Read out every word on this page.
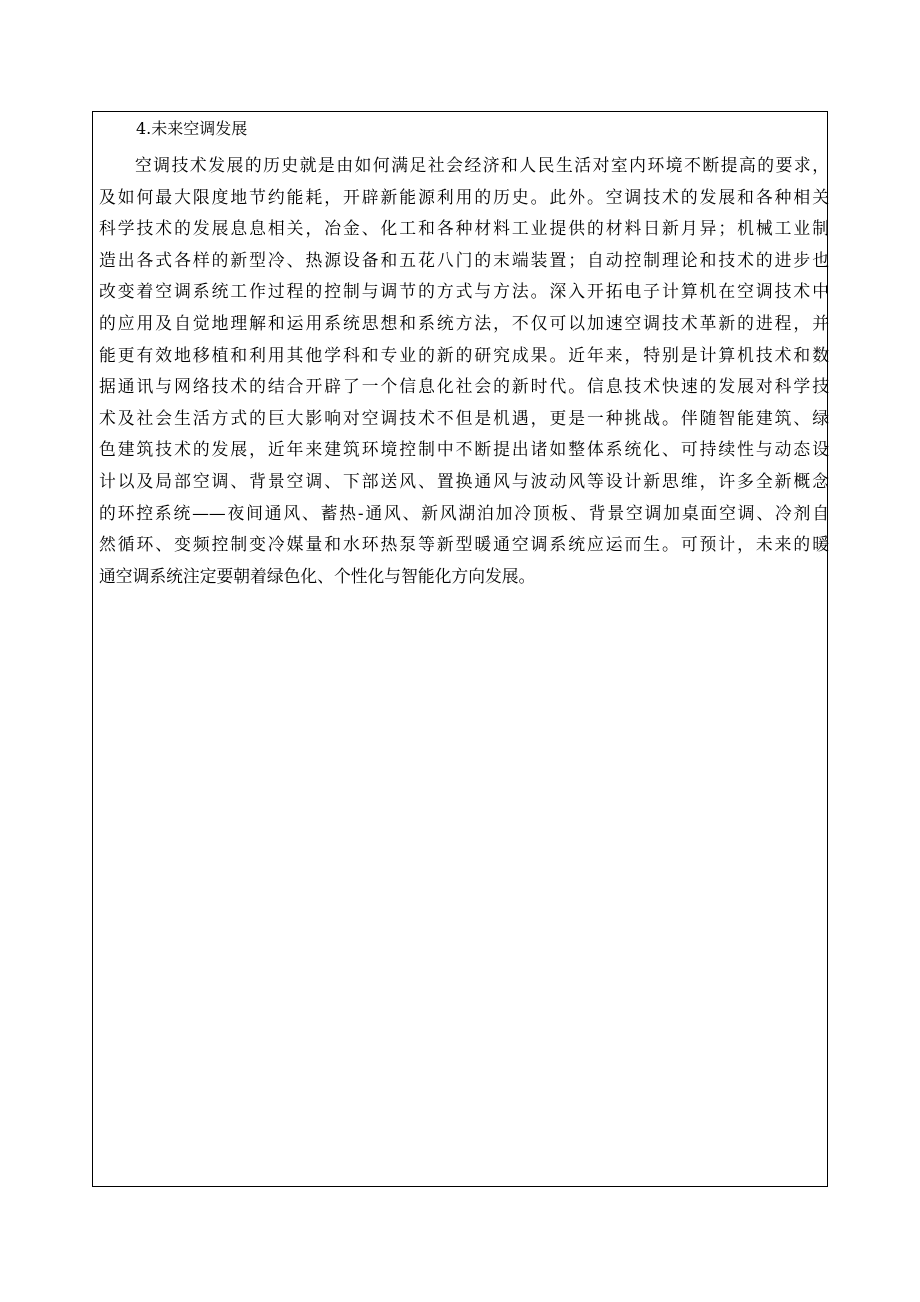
4.未来空调发展
空调技术发展的历史就是由如何满足社会经济和人民生活对室内环境不断提高的要求，
及如何最大限度地节约能耗，开辟新能源利用的历史。此外。空调技术的发展和各种相关
科学技术的发展息息相关，冶金、化工和各种材料工业提供的材料日新月异；机械工业制
造出各式各样的新型冷、热源设备和五花八门的末端装置；自动控制理论和技术的进步也
改变着空调系统工作过程的控制与调节的方式与方法。深入开拓电子计算机在空调技术中
的应用及自觉地理解和运用系统思想和系统方法，不仅可以加速空调技术革新的进程，并
能更有效地移植和利用其他学科和专业的新的研究成果。近年来，特别是计算机技术和数
据通讯与网络技术的结合开辟了一个信息化社会的新时代。信息技术快速的发展对科学技
术及社会生活方式的巨大影响对空调技术不但是机遇，更是一种挑战。伴随智能建筑、绿
色建筑技术的发展，近年来建筑环境控制中不断提出诸如整体系统化、可持续性与动态设
计以及局部空调、背景空调、下部送风、置换通风与波动风等设计新思维，许多全新概念
的环控系统——夜间通风、蓄热-通风、新风湖泊加冷顶板、背景空调加桌面空调、冷剂自
然循环、变频控制变冷媒量和水环热泵等新型暖通空调系统应运而生。可预计，未来的暖
通空调系统注定要朝着绿色化、个性化与智能化方向发展。
